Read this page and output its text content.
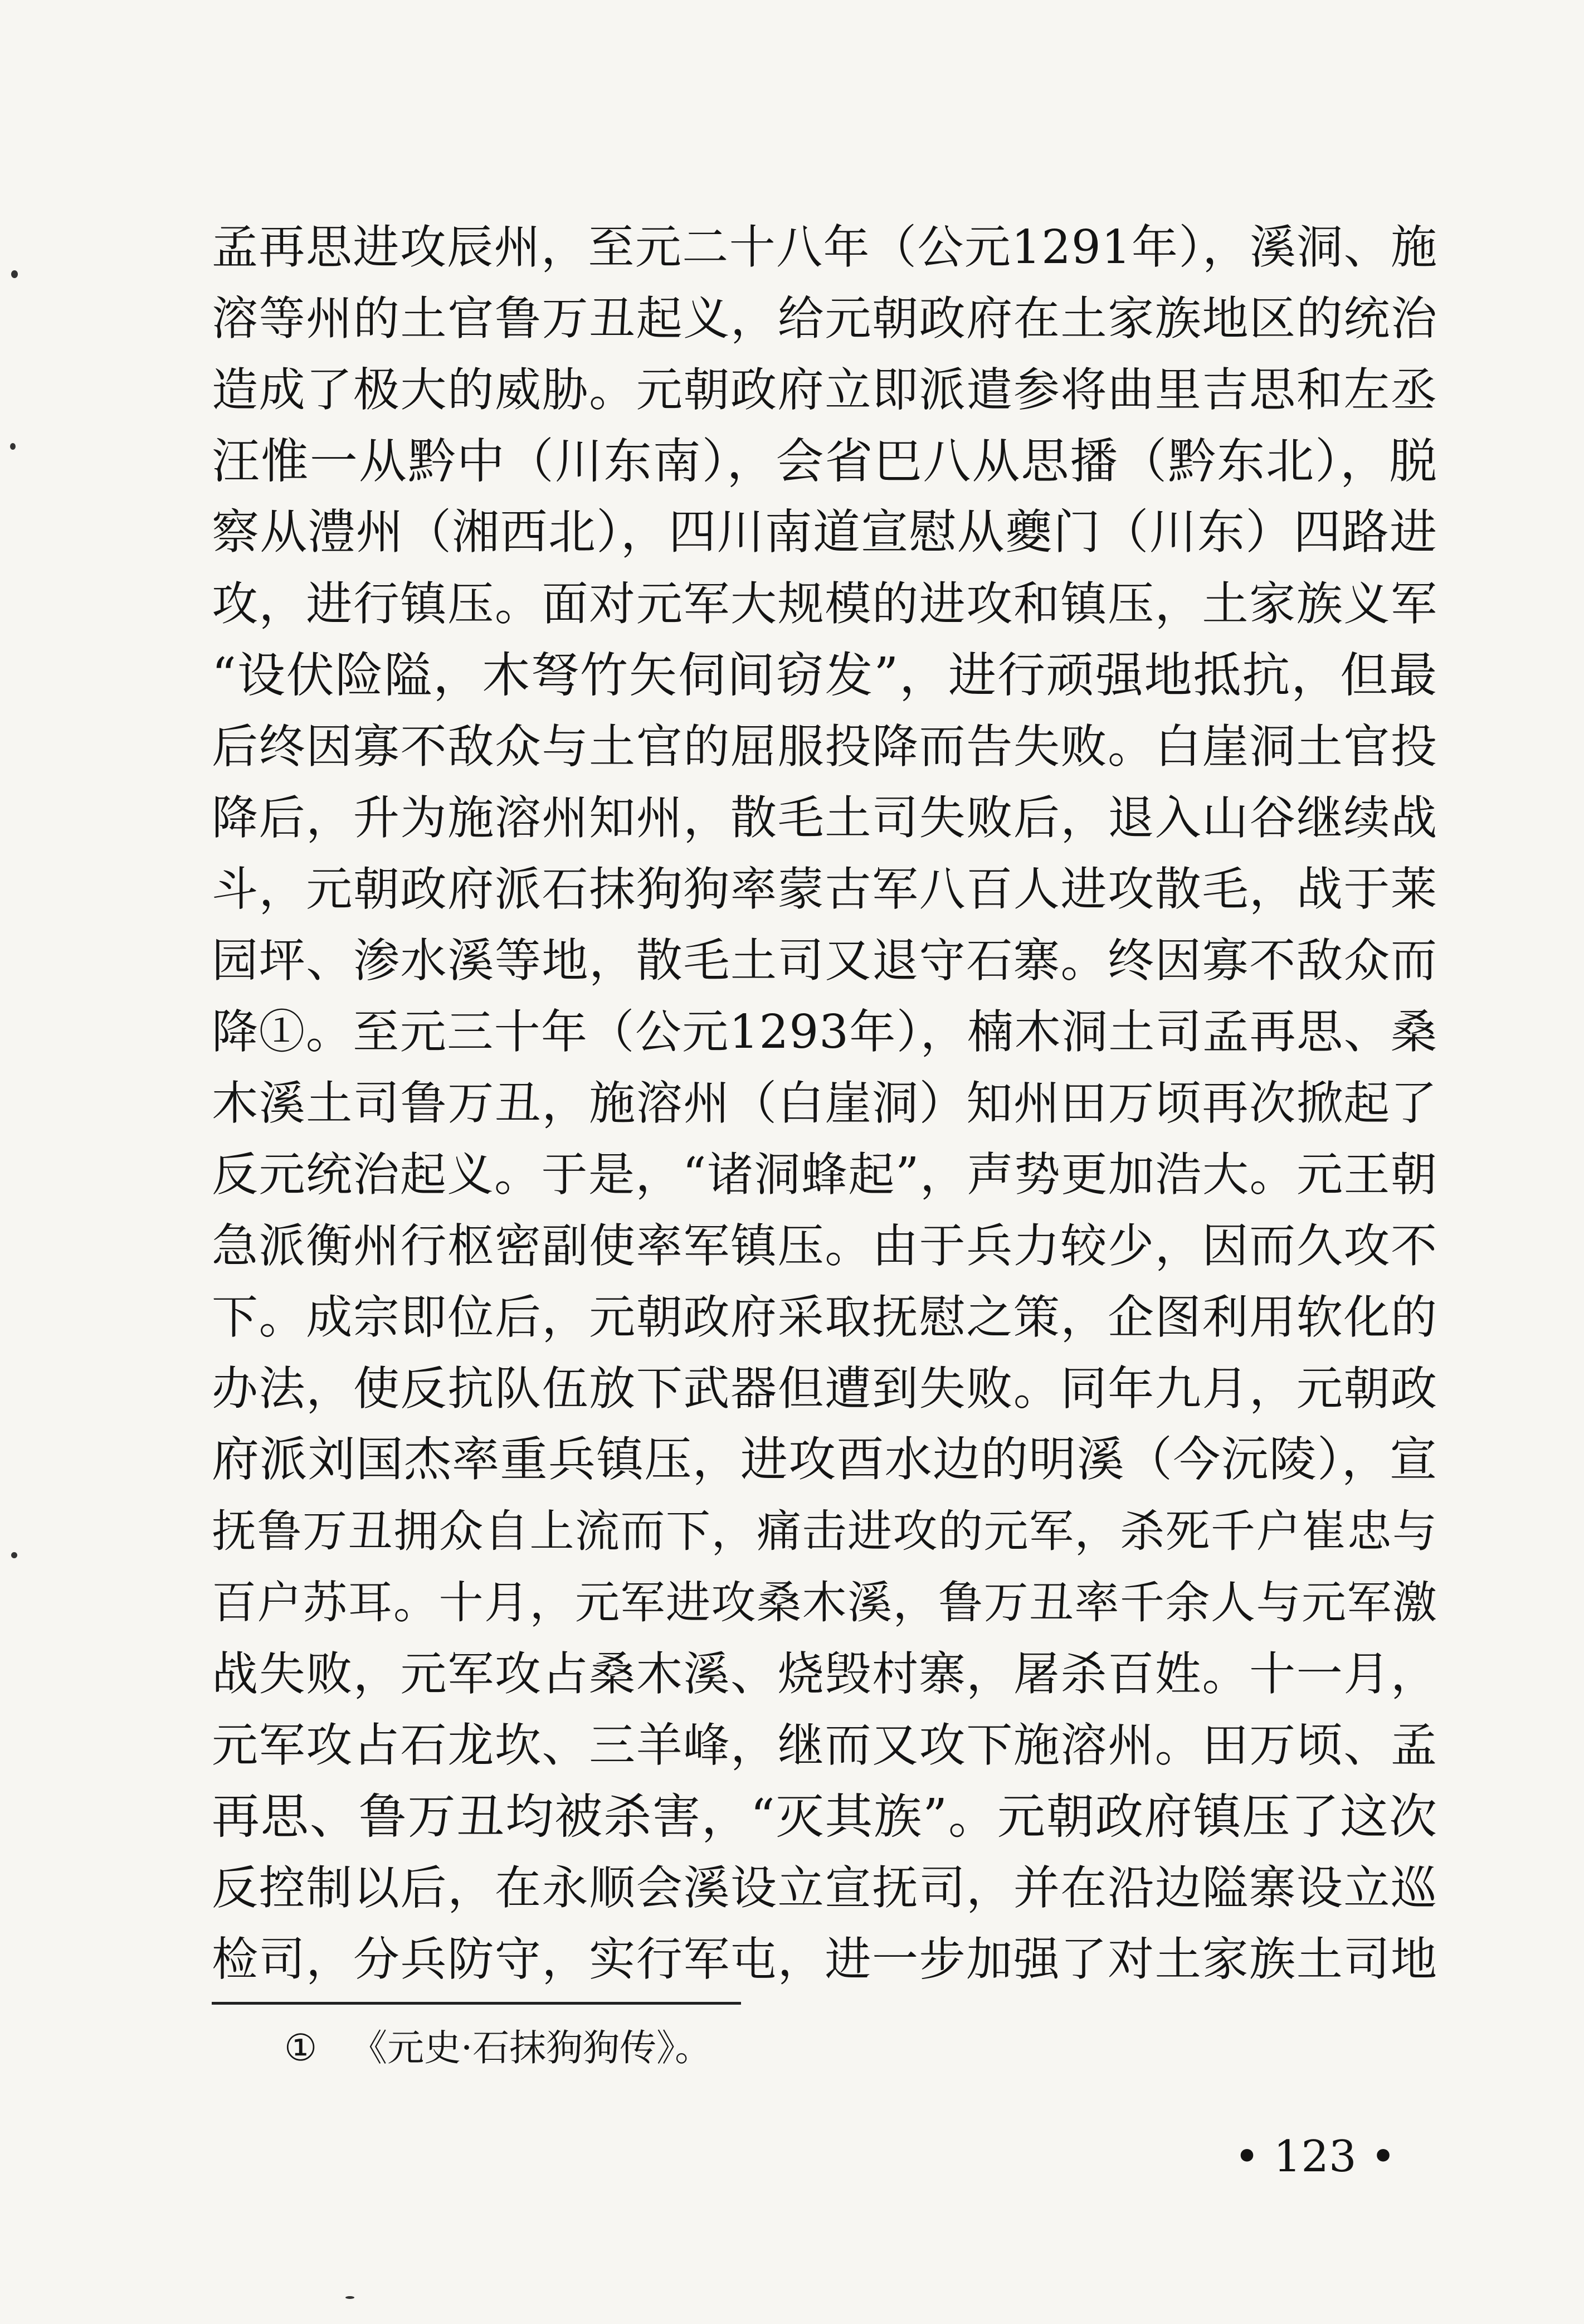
孟再思进攻辰州，至元二十八年（公元1291年），溪洞、施
溶等州的土官鲁万丑起义，给元朝政府在土家族地区的统治
造成了极大的威胁。元朝政府立即派遣参将曲里吉思和左丞
汪惟一从黔中（川东南），会省巴八从思播（黔东北），脱
察从澧州（湘西北），四川南道宣慰从夔门（川东）四路进
攻，进行镇压。面对元军大规模的进攻和镇压，土家族义军
“设伏险隘，木弩竹矢伺间窃发”，进行顽强地抵抗，但最
后终因寡不敌众与土官的屈服投降而告失败。白崖洞土官投
降后，升为施溶州知州，散毛土司失败后，退入山谷继续战
斗，元朝政府派石抹狗狗率蒙古军八百人进攻散毛，战于莱
园坪、渗水溪等地，散毛土司又退守石寨。终因寡不敌众而
降①。至元三十年（公元1293年），楠木洞土司孟再思、桑
木溪土司鲁万丑，施溶州（白崖洞）知州田万顷再次掀起了
反元统治起义。于是，“诸洞蜂起”，声势更加浩大。元王朝
急派衡州行枢密副使率军镇压。由于兵力较少，因而久攻不
下。成宗即位后，元朝政府采取抚慰之策，企图利用软化的
办法，使反抗队伍放下武器但遭到失败。同年九月，元朝政
府派刘国杰率重兵镇压，进攻酉水边的明溪（今沅陵），宣
抚鲁万丑拥众自上流而下，痛击进攻的元军，杀死千户崔忠与
百户苏耳。十月，元军进攻桑木溪，鲁万丑率千余人与元军激
战失败，元军攻占桑木溪、烧毁村寨，屠杀百姓。十一月，
元军攻占石龙坎、三羊峰，继而又攻下施溶州。田万顷、孟
再思、鲁万丑均被杀害，“灭其族”。元朝政府镇压了这次
反控制以后，在永顺会溪设立宣抚司，并在沿边隘寨设立巡
检司，分兵防守，实行军屯，进一步加强了对土家族土司地
① 《元史·石抹狗狗传》。
• 123 •
